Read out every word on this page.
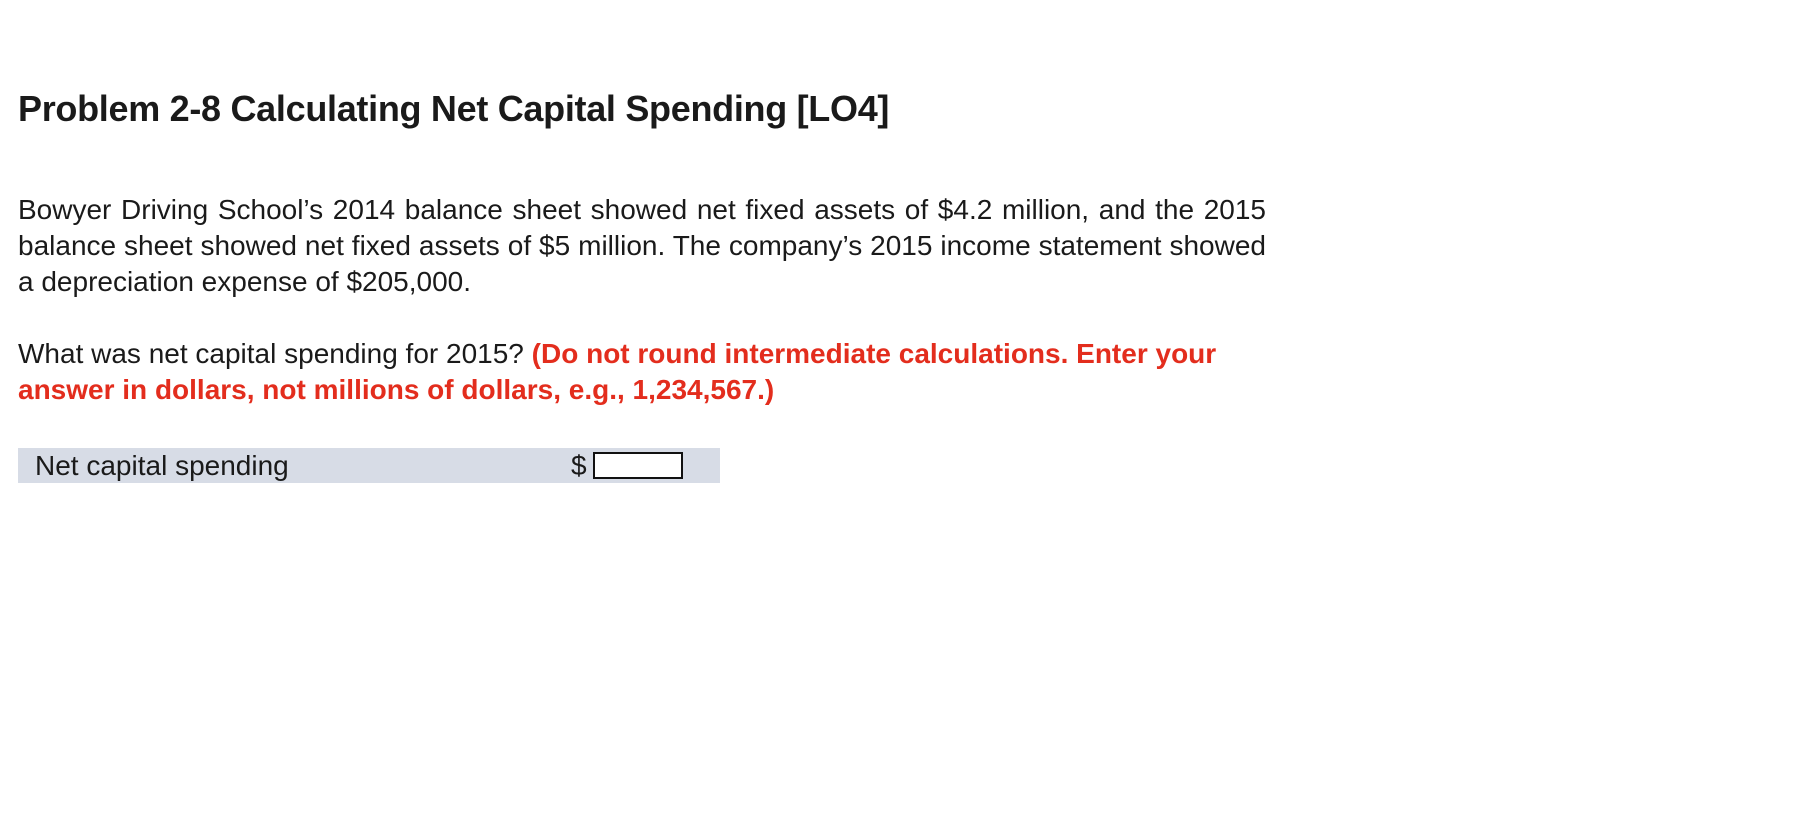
Problem 2-8 Calculating Net Capital Spending [LO4]
Bowyer Driving School’s 2014 balance sheet showed net fixed assets of $4.2 million, and the 2015 balance sheet showed net fixed assets of $5 million. The company’s 2015 income statement showed a depreciation expense of $205,000.
What was net capital spending for 2015? (Do not round intermediate calculations. Enter your answer in dollars, not millions of dollars, e.g., 1,234,567.)
Net capital spending	$
